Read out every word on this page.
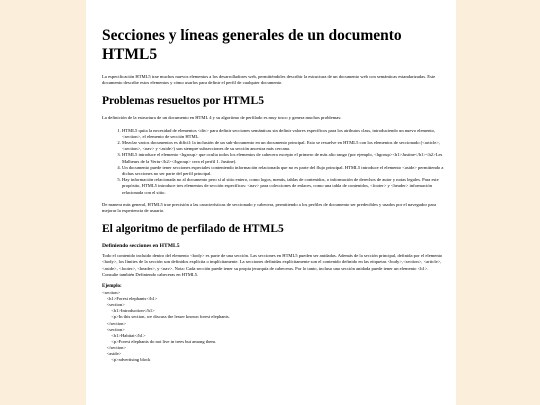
Secciones y líneas generales de un documento HTML5

La especificación HTML5 trae muchos nuevos elementos a los desarrolladores web, permitiéndoles describir la estructura de un documento web con semánticas estandarizadas. Este documento describe estos elementos y cómo usarlos para definir el perfil de cualquier documento.

Problemas resueltos por HTML5

La definición de la estructura de un documento en HTML 4 y su algoritmo de perfilado es muy tosco y genera muchos problemas:

1. HTML5 quita la necesidad de elementos <div> para definir secciones semánticas sin definir valores específicos para los atributos class, introduciendo un nuevo elemento, <section>, el elemento de sección HTML.
2. Mezclar varios documentos es difícil: la inclusión de un sub-documento en un documento principal. Esto se resuelve en HTML5 con los elementos de seccionado (<article>, <section>, <nav> y <aside>) son siempre subsecciones de su sección ancestra más cercana.
3. HTML5 introduce el elemento <hgroup> que oculta todos los elementos de cabecera excepto el primero de más alto rango (por ejemplo, <hgroup><h1>Justine</h1><h2>Les Malheurs de la Vertu</h2></hgroup> crea el perfil 1. Justine).
4. Un documento puede tener secciones especiales conteniendo información relacionada que no es parte del flujo principal. HTML5 introduce el elemento <aside> permitiendo a dichas secciones no ser parte del perfil principal.
5. Hay información relacionada no al documento pero sí al sitio entero, como logos, menús, tablas de contenidos, o información de derechos de autor y notas legales. Para este propósito, HTML5 introduce tres elementos de sección específicos: <nav> para colecciones de enlaces, como una tabla de contenidos, <footer> y <header> información relacionada con el sitio.

De manera más general, HTML5 trae precisión a las características de seccionado y cabecera, permitiendo a los perfiles de documento ser predecibles y usados por el navegador para mejorar la experiencia de usuario.

El algoritmo de perfilado de HTML5
Definiendo secciones en HTML5

Todo el contenido incluido dentro del elemento <body> es parte de una sección. Las secciones en HTML5 pueden ser anidadas. Además de la sección principal, definida por el elemento <body>, los límites de la sección son definidos explícita o implícitamente. La secciones definidas explícitamente son el contenido definido en las etiquetas <body>,<section>, <article>, <aside>, <footer>, <header>, y <nav>. Nota: Cada sección puede tener su propia jerarquía de cabeceras. Por lo tanto, incluso una sección anidada puede tener un elemento <h1>. Consulte también Definiendo cabeceras en HTML5.

Ejemplo:
<section>
<h1>Forest elephants</h1>
<section>
<h1>Introduction</h1>
<p>In this section, we discuss the lesser known forest elephants.
</section>
<section>
<h1>Habitat</h1>
<p>Forest elephants do not live in trees but among them.
</section>
<aside>
<p>advertising block
